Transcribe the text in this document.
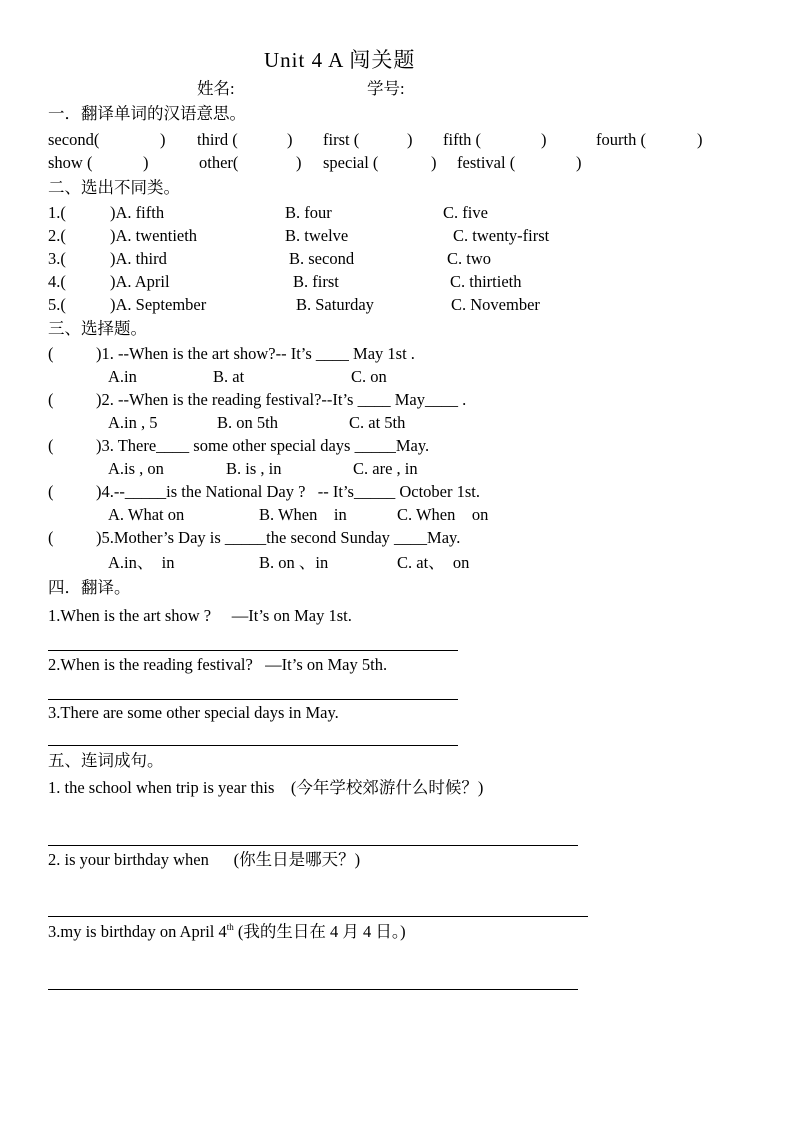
Unit 4 A 闯关题
姓名:	学号:
一．翻译单词的汉语意思。
second(	) third (	) first (	) fifth (	)	fourth (	)
show (	)	other(	) special (	) festival (	)
二、选出不同类。
1.(	)A. fifth	B. four	C. five
2.(	)A. twentieth	B. twelve	C. twenty-first
3.(	)A. third	B. second	C. two
4.(	)A. April	B. first	C. thirtieth
5.(	)A. September	B. Saturday	C. November
三、选择题。
(	)1. --When is the art show?-- It’s ____ May 1st .
A.in	B. at	C. on
(	)2. --When is the reading festival?--It’s ____ May____ .
A.in , 5	B. on 5th	C. at 5th
(	)3. There____ some other special days _____May.
A.is , on	B. is , in	C. are , in
(	)4.--_____is the National Day ?   -- It’s_____ October 1st.
A. What on	B. When    in	C. When    on
(	)5.Mother’s Day is _____the second Sunday ____May.
A.in、  in	B. on 、in	C. at、  on
四．翻译。
1.When is the art show ?     —It’s on May 1st.
2.When is the reading festival?   —It’s on May 5th.
3.There are some other special days in May.
五、连词成句。
1. the school when trip is year this    (今年学校郊游什么时候？)
2. is your birthday when      (你生日是哪天？)
3.my is birthday on April 4th (我的生日在 4 月 4 日。)
